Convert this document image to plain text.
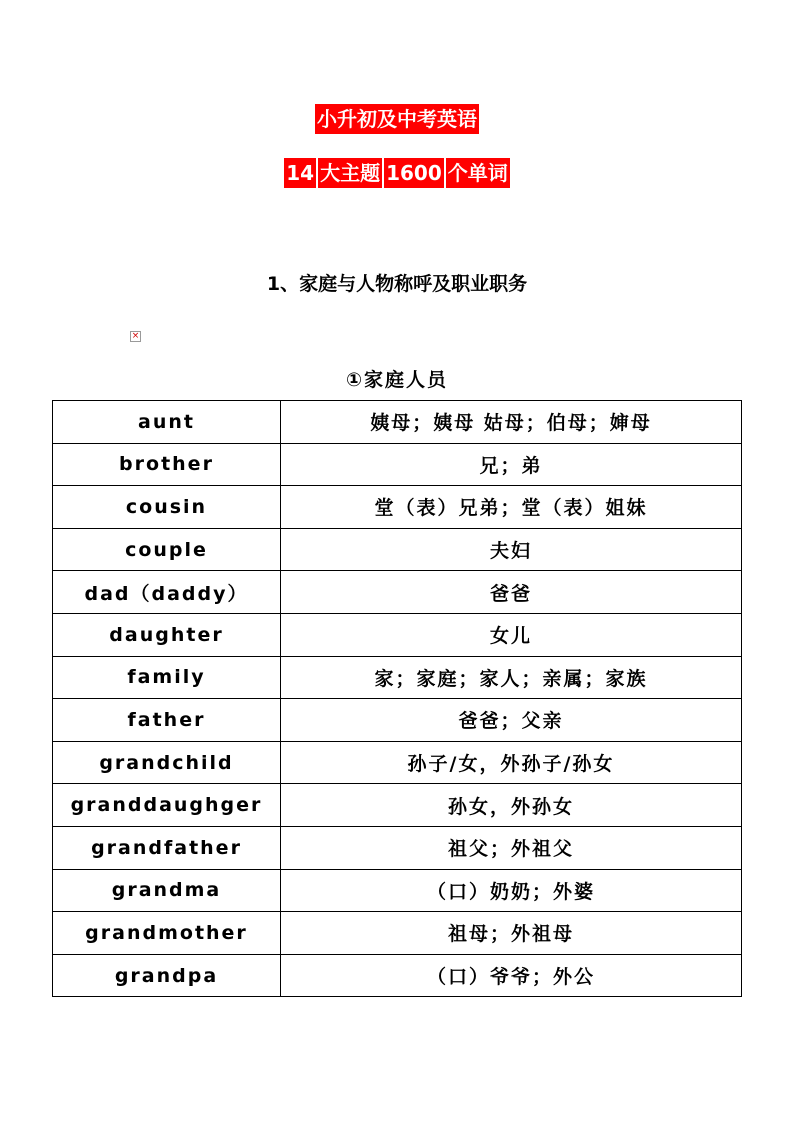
小升初及中考英语
14 大主题 1600 个单词
1、家庭与人物称呼及职业职务
×
①家庭人员
aunt	姨母；姨母 姑母；伯母；婶母
brother	兄；弟
cousin	堂（表）兄弟；堂（表）姐妹
couple	夫妇
dad（daddy）	爸爸
daughter	女儿
family	家；家庭；家人；亲属；家族
father	爸爸；父亲
grandchild	孙子/女，外孙子/孙女
granddaughger	孙女，外孙女
grandfather	祖父；外祖父
grandma	（口）奶奶；外婆
grandmother	祖母；外祖母
grandpa	（口）爷爷；外公
